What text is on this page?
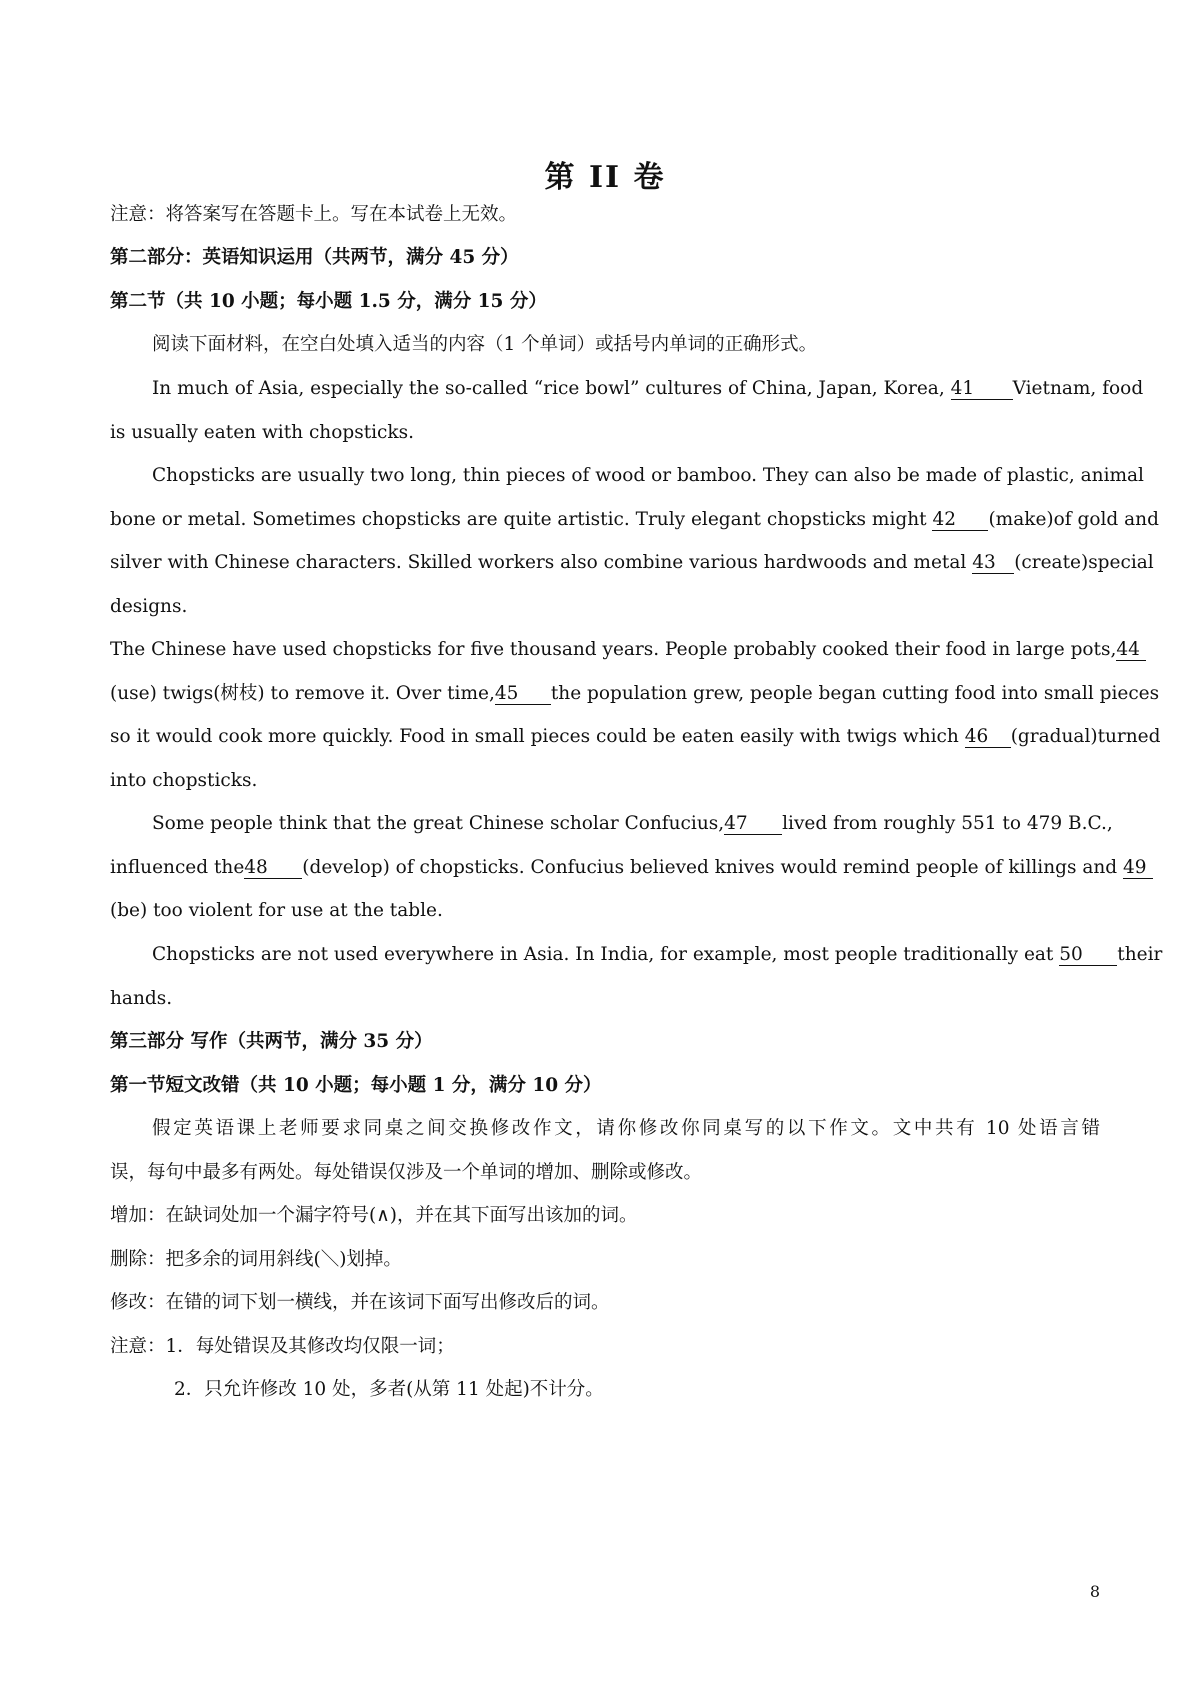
第 II 卷
注意：将答案写在答题卡上。写在本试卷上无效。
第二部分：英语知识运用（共两节，满分 45 分）
第二节（共 10 小题；每小题 1.5 分，满分 15 分）
阅读下面材料，在空白处填入适当的内容（1 个单词）或括号内单词的正确形式。
In much of Asia, especially the so-called “rice bowl” cultures of China, Japan, Korea, 41 Vietnam, food
is usually eaten with chopsticks.
Chopsticks are usually two long, thin pieces of wood or bamboo. They can also be made of plastic, animal
bone or metal. Sometimes chopsticks are quite artistic. Truly elegant chopsticks might 42 (make)of gold and
silver with Chinese characters. Skilled workers also combine various hardwoods and metal 43 (create)special
designs.
The Chinese have used chopsticks for five thousand years. People probably cooked their food in large pots,44
(use) twigs(树枝) to remove it. Over time,45 the population grew, people began cutting food into small pieces
so it would cook more quickly. Food in small pieces could be eaten easily with twigs which 46 (gradual)turned
into chopsticks.
Some people think that the great Chinese scholar Confucius,47 lived from roughly 551 to 479 B.C.,
influenced the48 (develop) of chopsticks. Confucius believed knives would remind people of killings and 49
(be) too violent for use at the table.
Chopsticks are not used everywhere in Asia. In India, for example, most people traditionally eat 50 their
hands.
第三部分 写作（共两节，满分 35 分）
第一节短文改错（共 10 小题；每小题 1 分，满分 10 分）
假定英语课上老师要求同桌之间交换修改作文，请你修改你同桌写的以下作文。文中共有 10 处语言错
误，每句中最多有两处。每处错误仅涉及一个单词的增加、删除或修改。
增加：在缺词处加一个漏字符号(∧)，并在其下面写出该加的词。
删除：把多余的词用斜线(＼)划掉。
修改：在错的词下划一横线，并在该词下面写出修改后的词。
注意：1．每处错误及其修改均仅限一词；
2．只允许修改 10 处，多者(从第 11 处起)不计分。
8
